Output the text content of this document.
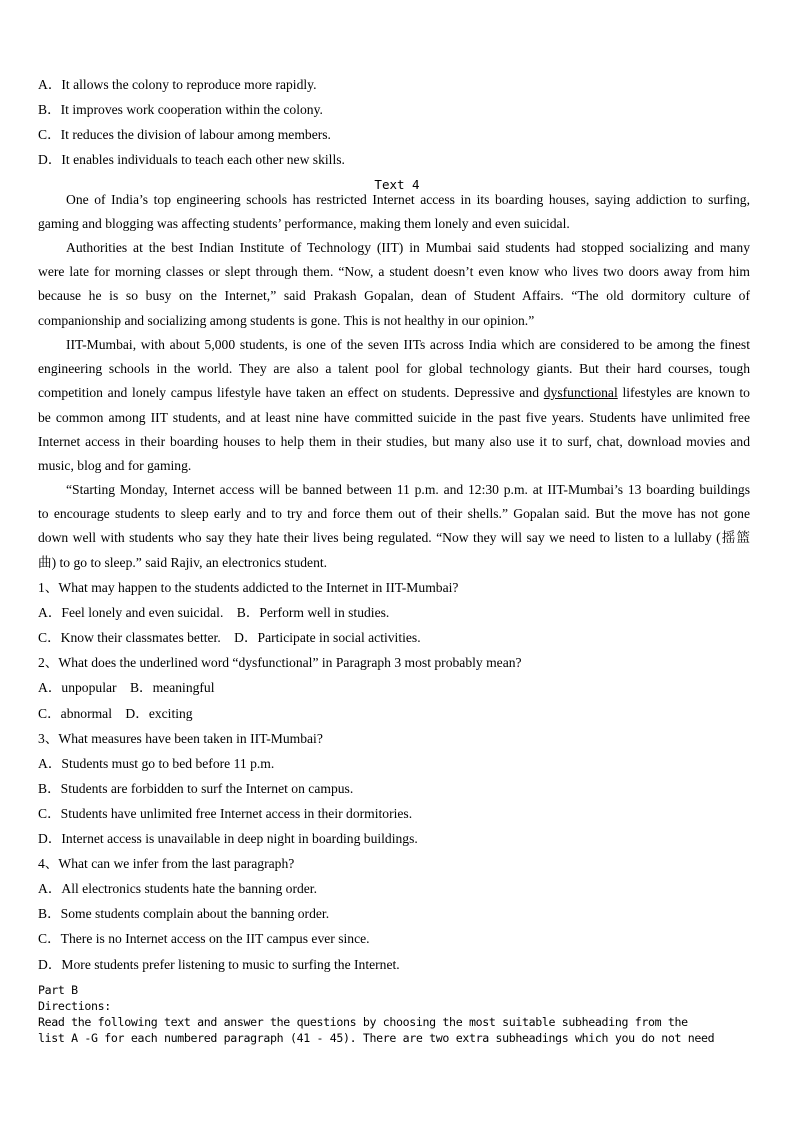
A．It allows the colony to reproduce more rapidly.
B．It improves work cooperation within the colony.
C．It reduces the division of labour among members.
D．It enables individuals to teach each other new skills.
Text 4
One of India’s top engineering schools has restricted Internet access in its boarding houses, saying addiction to surfing,
gaming and blogging was affecting students’ performance, making them lonely and even suicidal.
Authorities at the best Indian Institute of Technology (IIT) in Mumbai said students had stopped socializing and many
were late for morning classes or slept through them. “Now, a student doesn’t even know who lives two doors away from him
because he is so busy on the Internet,” said Prakash Gopalan, dean of Student Affairs. “The old dormitory culture of
companionship and socializing among students is gone. This is not healthy in our opinion.”
IIT-Mumbai, with about 5,000 students, is one of the seven IITs across India which are considered to be among the finest
engineering schools in the world. They are also a talent pool for global technology giants. But their hard courses, tough
competition and lonely campus lifestyle have taken an effect on students. Depressive and dysfunctional lifestyles are known to
be common among IIT students, and at least nine have committed suicide in the past five years. Students have unlimited free
Internet access in their boarding houses to help them in their studies, but many also use it to surf, chat, download movies and
music, blog and for gaming.
“Starting Monday, Internet access will be banned between 11 p.m. and 12:30 p.m. at IIT-Mumbai’s 13 boarding buildings
to encourage students to sleep early and to try and force them out of their shells.” Gopalan said. But the move has not gone
down well with students who say they hate their lives being regulated. “Now they will say we need to listen to a lullaby (摇篮
曲) to go to sleep.” said Rajiv, an electronics student.
1、What may happen to the students addicted to the Internet in IIT-Mumbai?
A．Feel lonely and even suicidal. B．Perform well in studies.
C．Know their classmates better. D．Participate in social activities.
2、What does the underlined word “dysfunctional” in Paragraph 3 most probably mean?
A．unpopular B．meaningful
C．abnormal D．exciting
3、What measures have been taken in IIT-Mumbai?
A．Students must go to bed before 11 p.m.
B．Students are forbidden to surf the Internet on campus.
C．Students have unlimited free Internet access in their dormitories.
D．Internet access is unavailable in deep night in boarding buildings.
4、What can we infer from the last paragraph?
A．All electronics students hate the banning order.
B．Some students complain about the banning order.
C．There is no Internet access on the IIT campus ever since.
D．More students prefer listening to music to surfing the Internet.
Part B
Directions:
Read the following text and answer the questions by choosing the most suitable subheading from the
list A -G for each numbered paragraph (41 - 45). There are two extra subheadings which you do not need
